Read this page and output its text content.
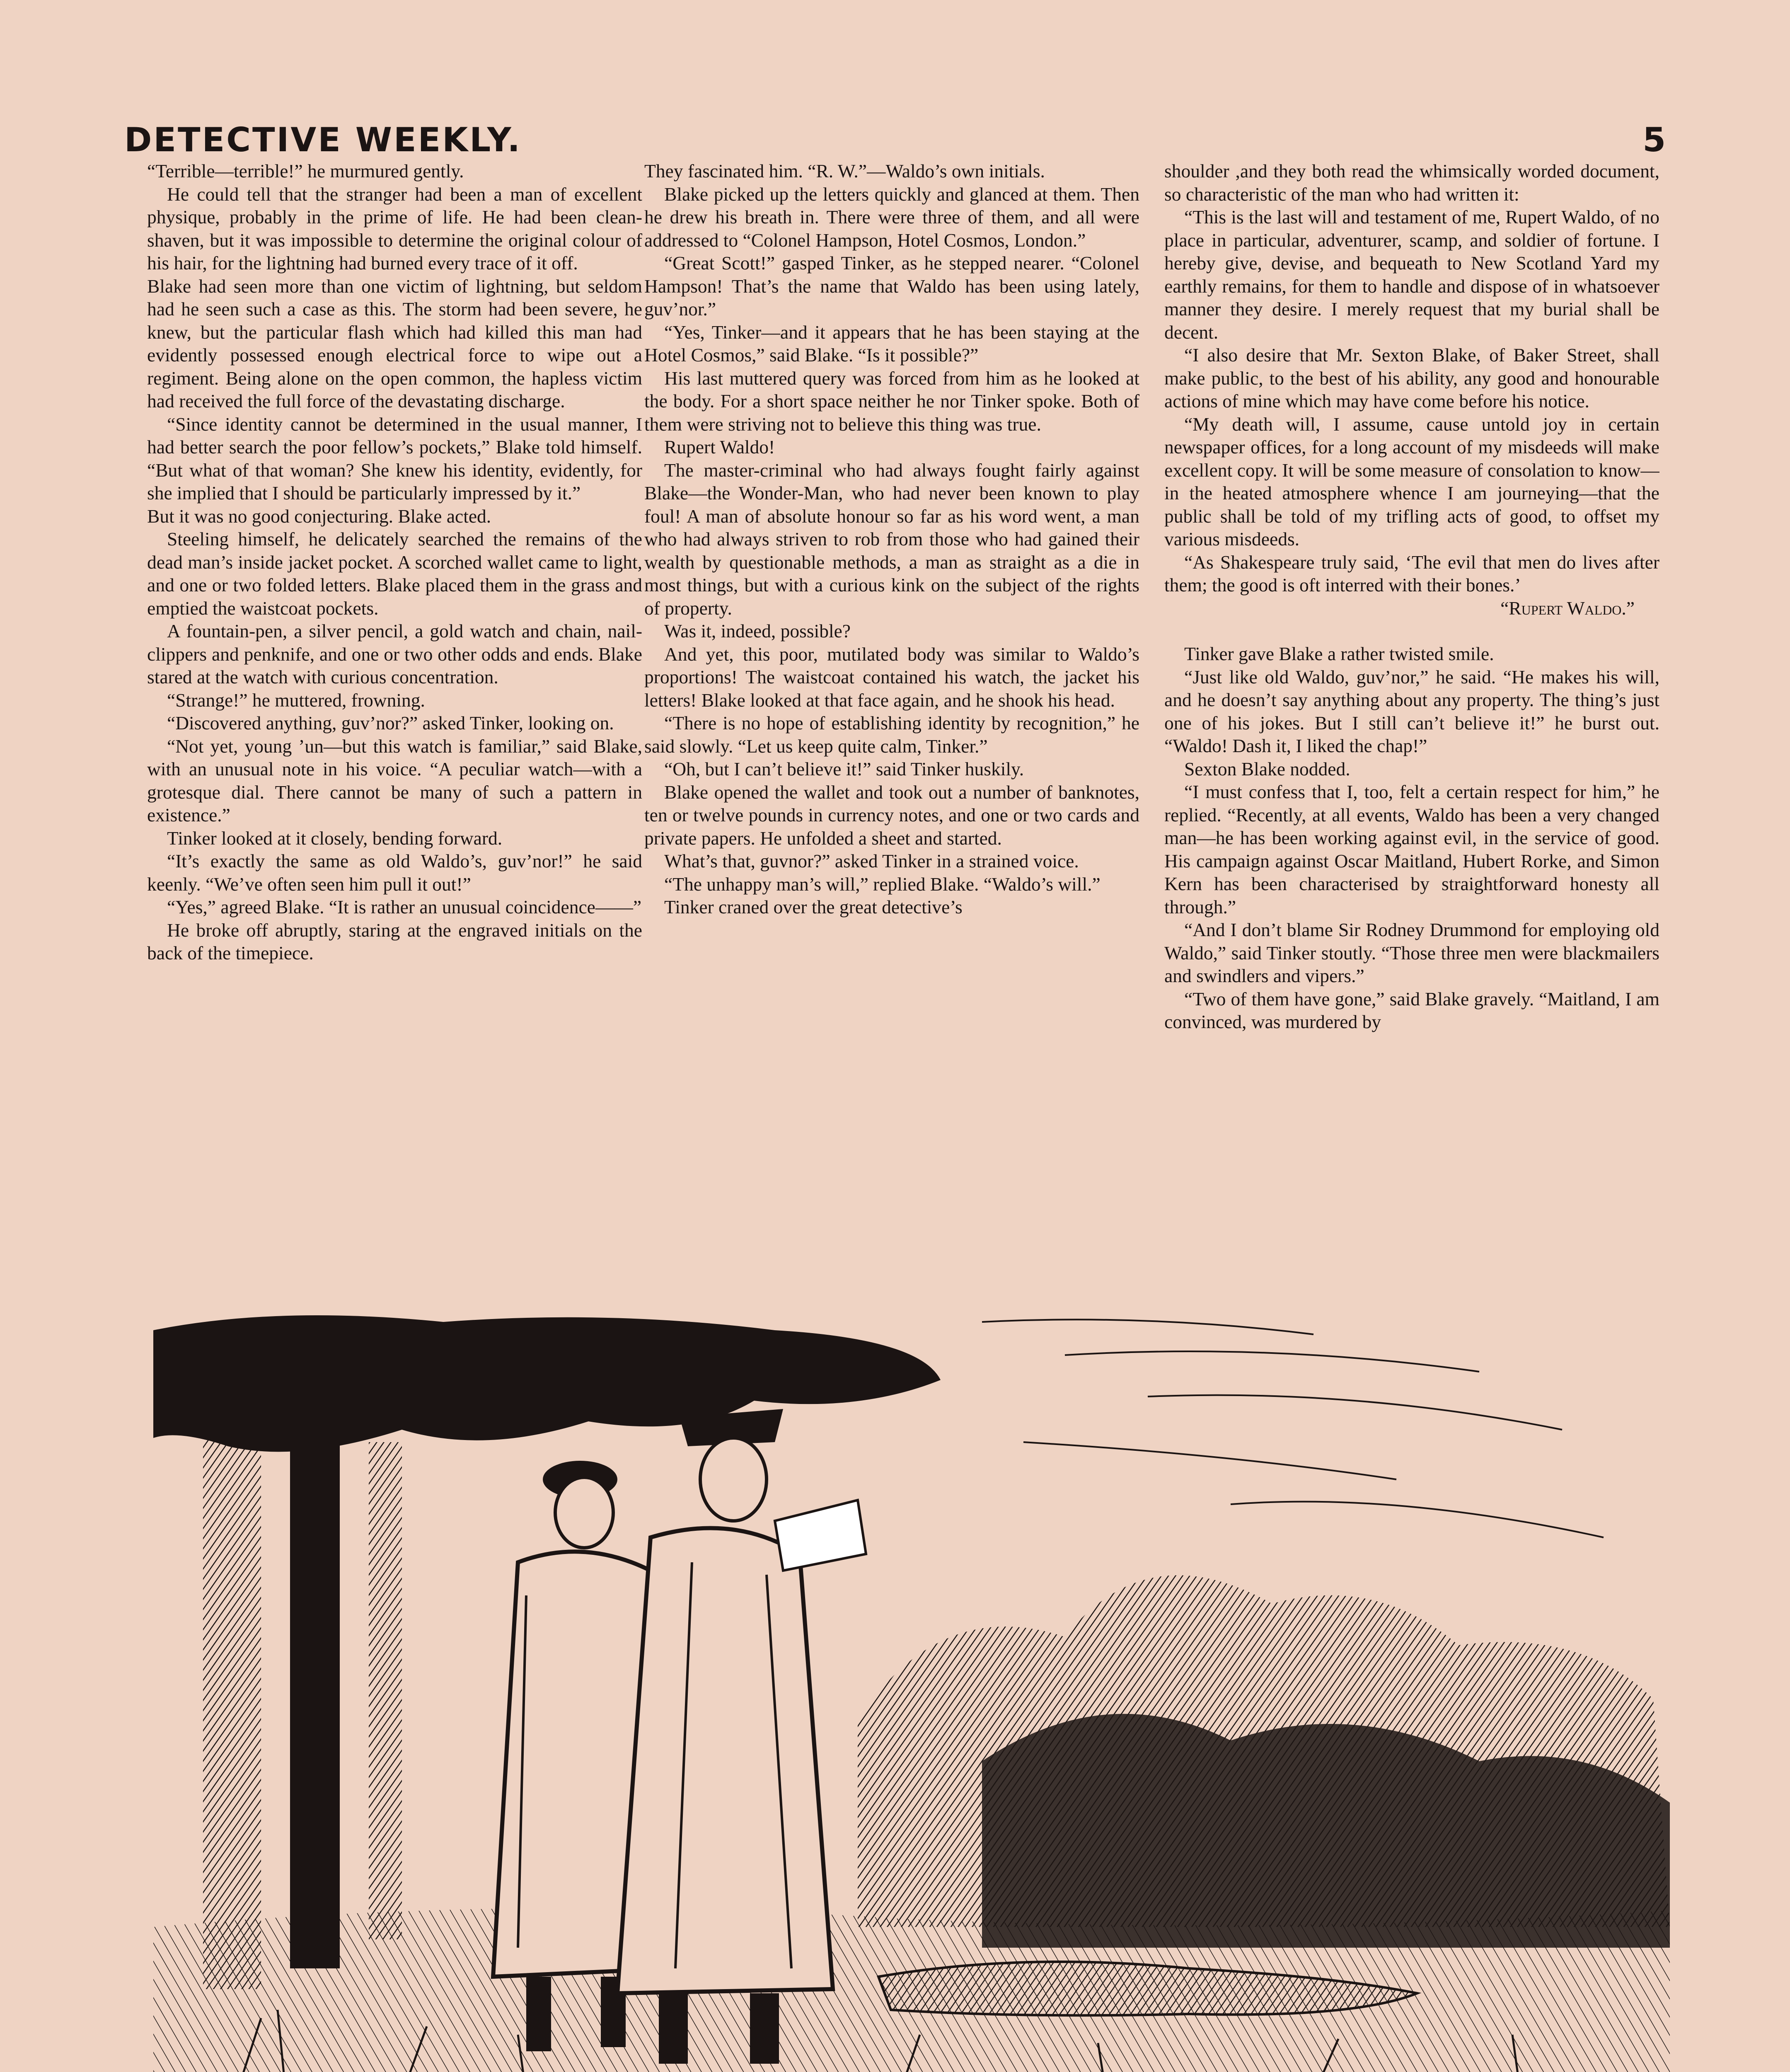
DETECTIVE WEEKLY.	5

“Terrible—terrible!” he murmured gently.

He could tell that the stranger had been a man of excellent physique, probably in the prime of life. He had been clean-shaven, but it was impossible to determine the original colour of his hair, for the lightning had burned every trace of it off.

Blake had seen more than one victim of lightning, but seldom had he seen such a case as this. The storm had been severe, he knew, but the particular flash which had killed this man had evidently possessed enough electrical force to wipe out a regiment. Being alone on the open common, the hapless victim had received the full force of the devastating discharge.

“Since identity cannot be determined in the usual manner, I had better search the poor fellow’s pockets,” Blake told himself. “But what of that woman? She knew his identity, evidently, for she implied that I should be particularly impressed by it.”

But it was no good conjecturing. Blake acted.

Steeling himself, he delicately searched the remains of the dead man’s inside jacket pocket. A scorched wallet came to light, and one or two folded letters. Blake placed them in the grass and emptied the waistcoat pockets.

A fountain-pen, a silver pencil, a gold watch and chain, nail-clippers and penknife, and one or two other odds and ends. Blake stared at the watch with curious concentration.

“Strange!” he muttered, frowning.

“Discovered anything, guv’nor?” asked Tinker, looking on.

“Not yet, young ’un—but this watch is familiar,” said Blake, with an unusual note in his voice. “A peculiar watch—with a grotesque dial. There cannot be many of such a pattern in existence.”

Tinker looked at it closely, bending forward.

“It’s exactly the same as old Waldo’s, guv’nor!” he said keenly. “We’ve often seen him pull it out!”

“Yes,” agreed Blake. “It is rather an unusual coincidence——”

He broke off abruptly, staring at the engraved initials on the back of the timepiece.

They fascinated him. “R. W.”—Waldo’s own initials.

Blake picked up the letters quickly and glanced at them. Then he drew his breath in. There were three of them, and all were addressed to “Colonel Hampson, Hotel Cosmos, London.”

“Great Scott!” gasped Tinker, as he stepped nearer. “Colonel Hampson! That’s the name that Waldo has been using lately, guv’nor.”

“Yes, Tinker—and it appears that he has been staying at the Hotel Cosmos,” said Blake. “Is it possible?”

His last muttered query was forced from him as he looked at the body. For a short space neither he nor Tinker spoke. Both of them were striving not to believe this thing was true.

Rupert Waldo!

The master-criminal who had always fought fairly against Blake—the Wonder-Man, who had never been known to play foul! A man of absolute honour so far as his word went, a man who had always striven to rob from those who had gained their wealth by questionable methods, a man as straight as a die in most things, but with a curious kink on the subject of the rights of property.

Was it, indeed, possible?

And yet, this poor, mutilated body was similar to Waldo’s proportions! The waistcoat contained his watch, the jacket his letters! Blake looked at that face again, and he shook his head.

“There is no hope of establishing identity by recognition,” he said slowly. “Let us keep quite calm, Tinker.”

“Oh, but I can’t believe it!” said Tinker huskily.

Blake opened the wallet and took out a number of banknotes, ten or twelve pounds in currency notes, and one or two cards and private papers. He unfolded a sheet and started.

What’s that, guvnor?” asked Tinker in a strained voice.

“The unhappy man’s will,” replied Blake. “Waldo’s will.”

Tinker craned over the great detective’s

shoulder ,and they both read the whimsically worded document, so characteristic of the man who had written it:

“This is the last will and testament of me, Rupert Waldo, of no place in particular, adventurer, scamp, and soldier of fortune. I hereby give, devise, and bequeath to New Scotland Yard my earthly remains, for them to handle and dispose of in whatsoever manner they desire. I merely request that my burial shall be decent.

“I also desire that Mr. Sexton Blake, of Baker Street, shall make public, to the best of his ability, any good and honourable actions of mine which may have come before his notice.

“My death will, I assume, cause untold joy in certain newspaper offices, for a long account of my misdeeds will make excellent copy. It will be some measure of consolation to know—in the heated atmosphere whence I am journeying—that the public shall be told of my trifling acts of good, to offset my various misdeeds.

“As Shakespeare truly said, ‘The evil that men do lives after them; the good is oft interred with their bones.’

“Rupert Waldo.”

Tinker gave Blake a rather twisted smile.

“Just like old Waldo, guv’nor,” he said. “He makes his will, and he doesn’t say anything about any property. The thing’s just one of his jokes. But I still can’t believe it!” he burst out. “Waldo! Dash it, I liked the chap!”

Sexton Blake nodded.

“I must confess that I, too, felt a certain respect for him,” he replied. “Recently, at all events, Waldo has been a very changed man—he has been working against evil, in the service of good. His campaign against Oscar Maitland, Hubert Rorke, and Simon Kern has been characterised by straightforward honesty all through.”

“And I don’t blame Sir Rodney Drummond for employing old Waldo,” said Tinker stoutly. “Those three men were blackmailers and swindlers and vipers.”

“Two of them have gone,” said Blake gravely. “Maitland, I am convinced, was murdered by
